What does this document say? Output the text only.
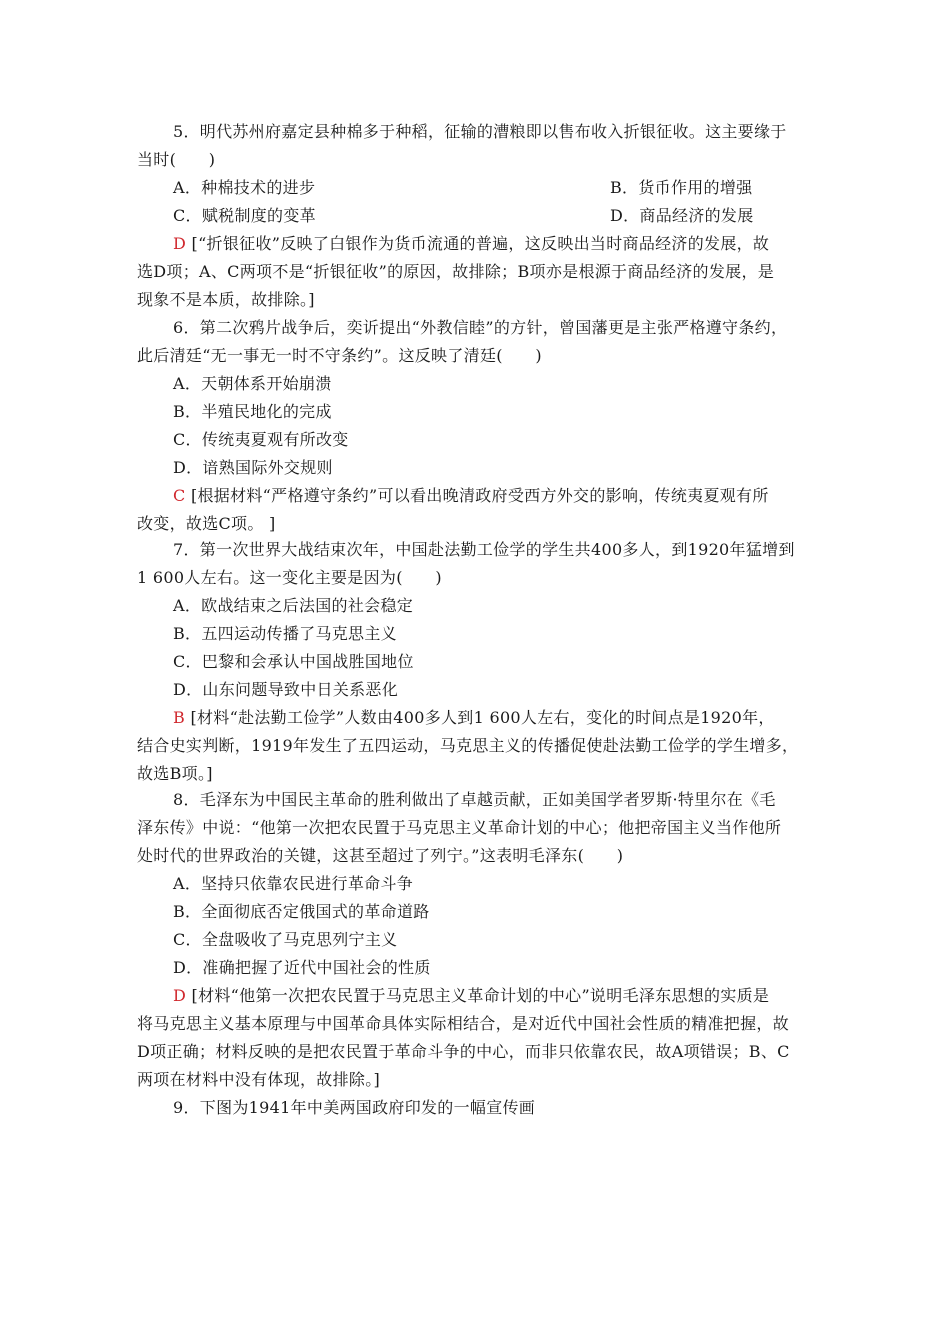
5．明代苏州府嘉定县种棉多于种稻，征输的漕粮即以售布收入折银征收。这主要缘于
当时(　　)
A．种棉技术的进步	B．货币作用的增强
C．赋税制度的变革	D．商品经济的发展
D [“折银征收”反映了白银作为货币流通的普遍，这反映出当时商品经济的发展，故
选D项；A、C两项不是“折银征收”的原因，故排除；B项亦是根源于商品经济的发展，是
现象不是本质，故排除。]
6．第二次鸦片战争后，奕䜣提出“外教信睦”的方针，曾国藩更是主张严格遵守条约，
此后清廷“无一事无一时不守条约”。这反映了清廷(　　)
A．天朝体系开始崩溃
B．半殖民地化的完成
C．传统夷夏观有所改变
D．谙熟国际外交规则
C [根据材料“严格遵守条约”可以看出晚清政府受西方外交的影响，传统夷夏观有所
改变，故选C项。 ]
7．第一次世界大战结束次年，中国赴法勤工俭学的学生共400多人，到1920年猛增到
1 600人左右。这一变化主要是因为(　　)
A．欧战结束之后法国的社会稳定
B．五四运动传播了马克思主义
C．巴黎和会承认中国战胜国地位
D．山东问题导致中日关系恶化
B [材料“赴法勤工俭学”人数由400多人到1 600人左右，变化的时间点是1920年，
结合史实判断，1919年发生了五四运动，马克思主义的传播促使赴法勤工俭学的学生增多，
故选B项。]
8．毛泽东为中国民主革命的胜利做出了卓越贡献，正如美国学者罗斯·特里尔在《毛
泽东传》中说：“他第一次把农民置于马克思主义革命计划的中心；他把帝国主义当作他所
处时代的世界政治的关键，这甚至超过了列宁。”这表明毛泽东(　　)
A．坚持只依靠农民进行革命斗争
B．全面彻底否定俄国式的革命道路
C．全盘吸收了马克思列宁主义
D．准确把握了近代中国社会的性质
D [材料“他第一次把农民置于马克思主义革命计划的中心”说明毛泽东思想的实质是
将马克思主义基本原理与中国革命具体实际相结合，是对近代中国社会性质的精准把握，故
D项正确；材料反映的是把农民置于革命斗争的中心，而非只依靠农民，故A项错误；B、C
两项在材料中没有体现，故排除。]
9．下图为1941年中美两国政府印发的一幅宣传画
